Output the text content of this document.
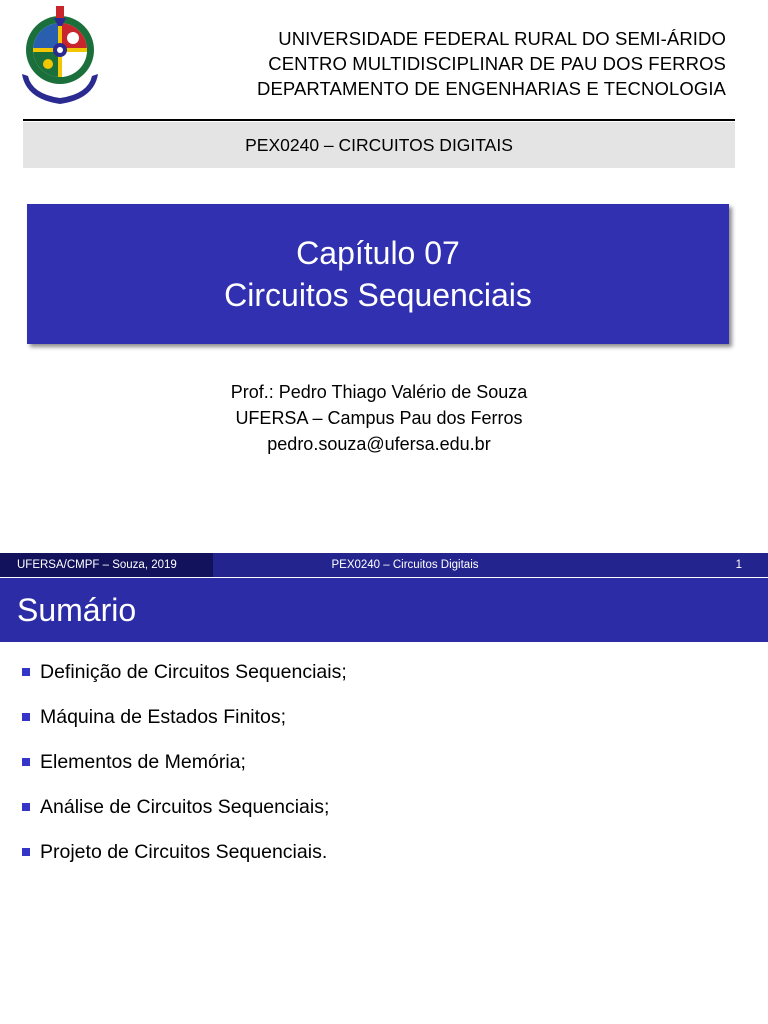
UNIVERSIDADE FEDERAL RURAL DO SEMI-ÁRIDO
CENTRO MULTIDISCIPLINAR DE PAU DOS FERROS
DEPARTAMENTO DE ENGENHARIAS E TECNOLOGIA
PEX0240 – CIRCUITOS DIGITAIS
Capítulo 07
Circuitos Sequenciais
Prof.: Pedro Thiago Valério de Souza
UFERSA – Campus Pau dos Ferros
pedro.souza@ufersa.edu.br
UFERSA/CMPF – Souza, 2019	PEX0240 – Circuitos Digitais	1
Sumário
Definição de Circuitos Sequenciais;
Máquina de Estados Finitos;
Elementos de Memória;
Análise de Circuitos Sequenciais;
Projeto de Circuitos Sequenciais.
